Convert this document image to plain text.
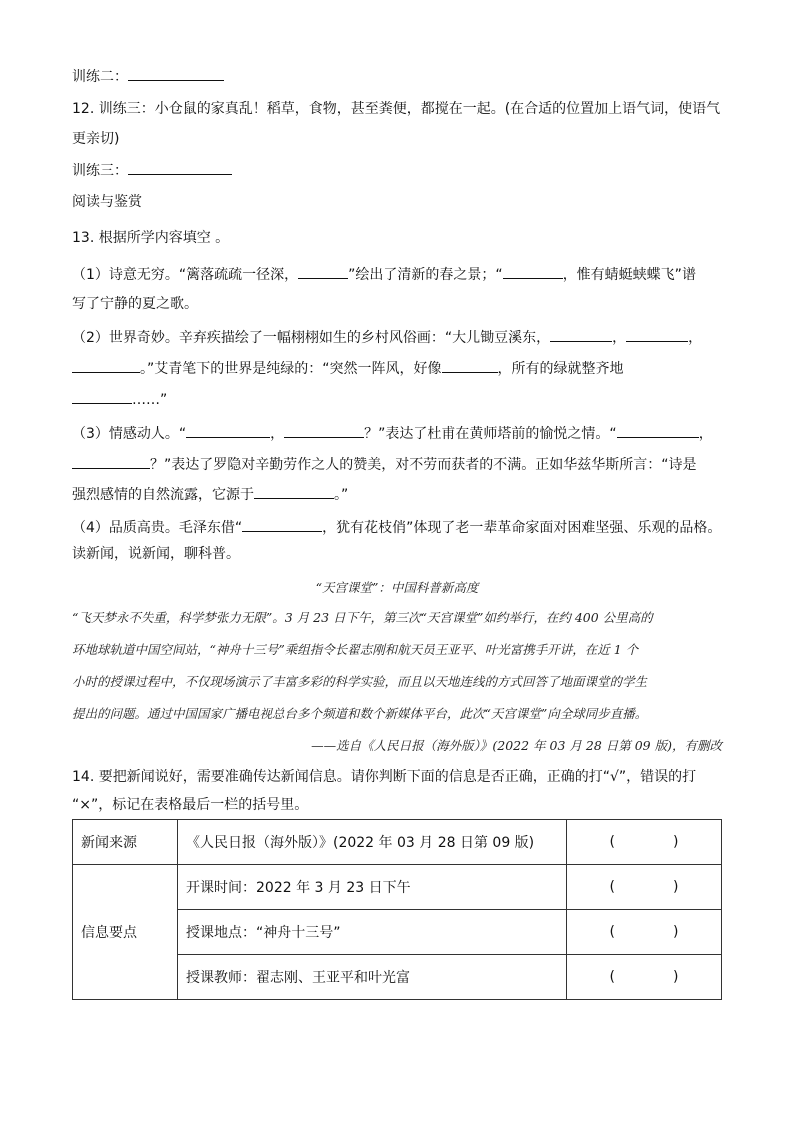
训练二：
12. 训练三：小仓鼠的家真乱！稻草，食物，甚至粪便，都搅在一起。(在合适的位置加上语气词，使语气
更亲切)
训练三：
阅读与鉴赏
13. 根据所学内容填空 。
（1）诗意无穷。“篱落疏疏一径深，	”绘出了清新的春之景；“	，惟有蜻蜓蛱蝶飞”谱
写了宁静的夏之歌。
（2）世界奇妙。辛弃疾描绘了一幅栩栩如生的乡村风俗画：“大儿锄豆溪东，	，	，
。”艾青笔下的世界是纯绿的：“突然一阵风，好像	，所有的绿就整齐地
……”
（3）情感动人。“	，	？”表达了杜甫在黄师塔前的愉悦之情。“	，
？”表达了罗隐对辛勤劳作之人的赞美，对不劳而获者的不满。正如华兹华斯所言：“诗是
强烈感情的自然流露，它源于	。”
（4）品质高贵。毛泽东借“	，犹有花枝俏”体现了老一辈革命家面对困难坚强、乐观的品格。
读新闻，说新闻，聊科普。
“天宫课堂”：中国科普新高度
“飞天梦永不失重，科学梦张力无限”。3 月 23 日下午，第三次“天宫课堂”如约举行，在约 400 公里高的
环地球轨道中国空间站，“神舟十三号”乘组指令长翟志刚和航天员王亚平、叶光富携手开讲，在近 1 个
小时的授课过程中，不仅现场演示了丰富多彩的科学实验，而且以天地连线的方式回答了地面课堂的学生
提出的问题。通过中国国家广播电视总台多个频道和数个新媒体平台，此次“天宫课堂”向全球同步直播。
——选自《人民日报（海外版）》(2022 年 03 月 28 日第 09 版)，有删改
14. 要把新闻说好，需要准确传达新闻信息。请你判断下面的信息是否正确，正确的打“√”，错误的打
“×”，标记在表格最后一栏的括号里。
新闻来源	《人民日报（海外版）》(2022 年 03 月 28 日第 09 版)	( )
信息要点	开课时间：2022 年 3 月 23 日下午	( )
	授课地点：“神舟十三号”	( )
	授课教师：翟志刚、王亚平和叶光富	( )
